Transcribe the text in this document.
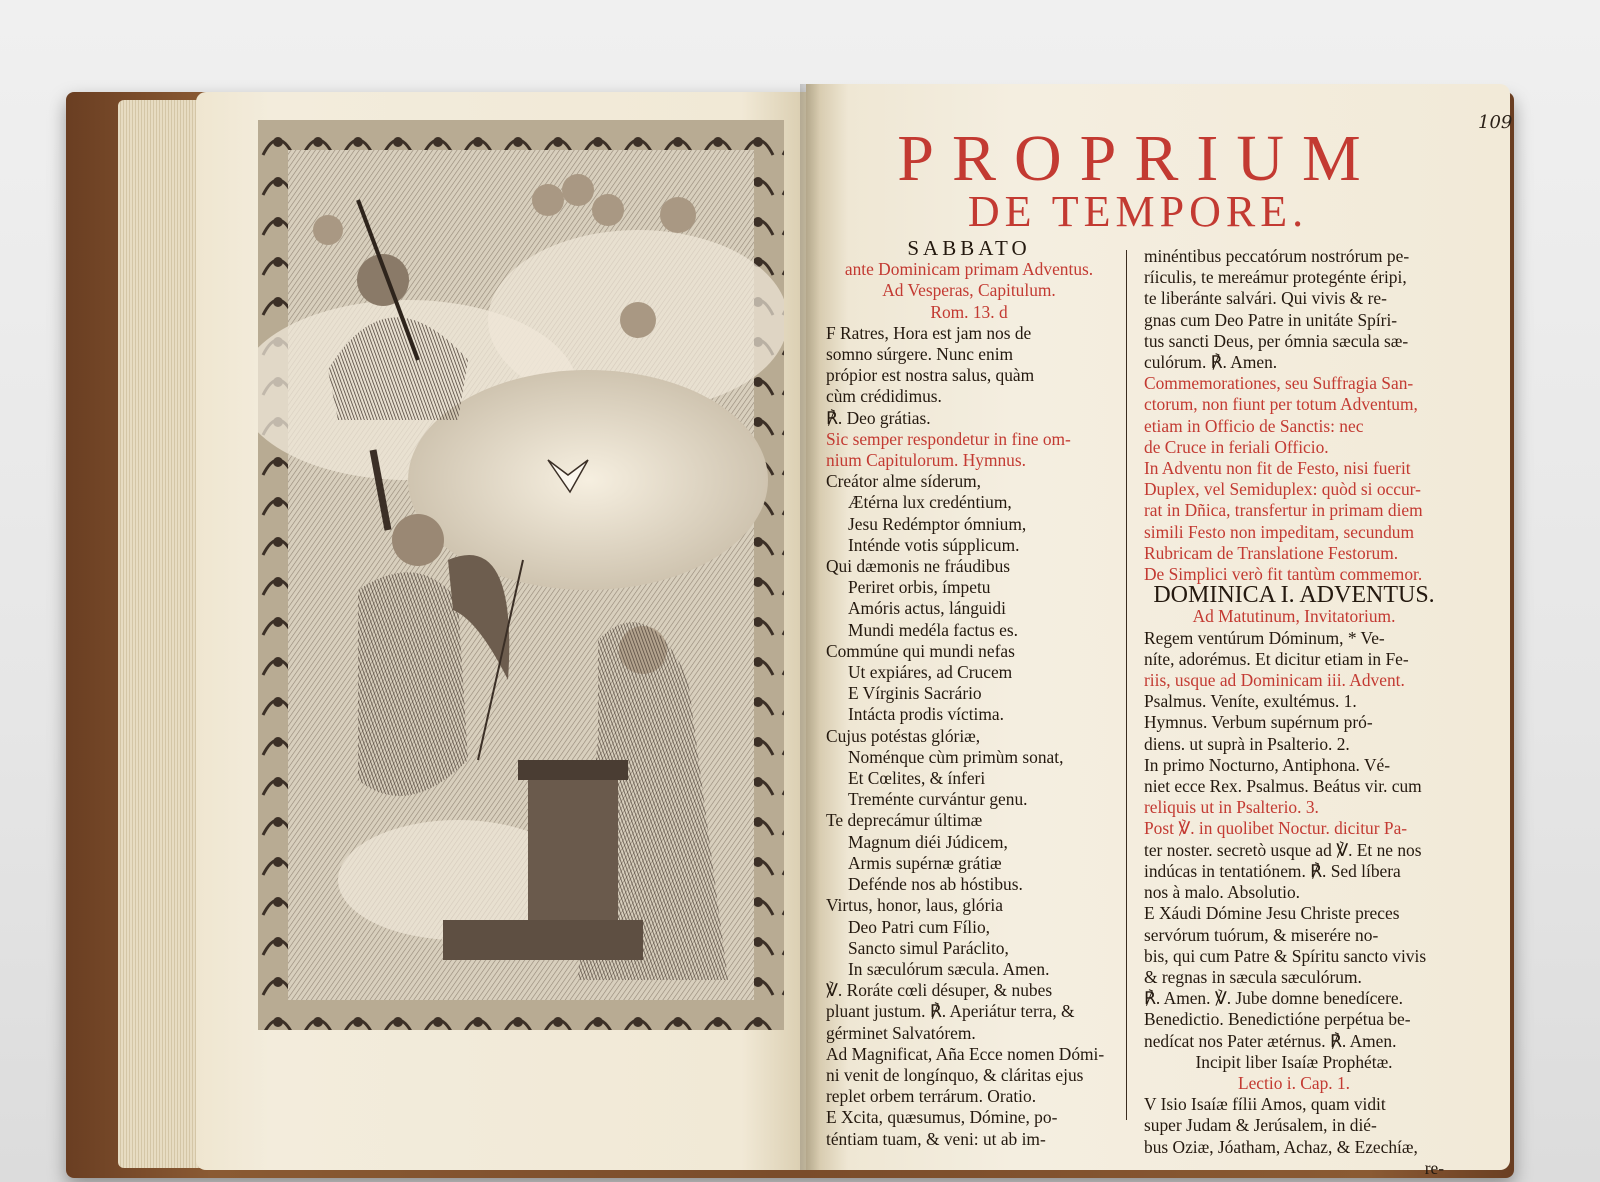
109
PROPRIUM
DE TEMPORE.
SABBATO
ante Dominicam primam Adventus.
Ad Vesperas, Capitulum.
Rom. 13. d
F Ratres, Hora est jam nos de
somno súrgere. Nunc enim
própior est nostra salus, quàm
cùm crédidimus.
℟. Deo grátias.
Sic semper respondetur in fine om-
nium Capitulorum. Hymnus.
Creátor alme síderum,
Ætérna lux credéntium,
Jesu Redémptor ómnium,
Inténde votis súpplicum.
Qui dæmonis ne fráudibus
Periret orbis, ímpetu
Amóris actus, lánguidi
Mundi medéla factus es.
Commúne qui mundi nefas
Ut expiáres, ad Crucem
E Vírginis Sacrário
Intácta prodis víctima.
Cujus potéstas glóriæ,
Noménque cùm primùm sonat,
Et Cœlites, & ínferi
Treménte curvántur genu.
Te deprecámur últimæ
Magnum diéi Júdicem,
Armis supérnæ grátiæ
Defénde nos ab hóstibus.
Virtus, honor, laus, glória
Deo Patri cum Fílio,
Sancto simul Paráclito,
In sæculórum sæcula. Amen.
℣. Roráte cœli désuper, & nubes
pluant justum. ℟. Aperiátur terra, &
gérminet Salvatórem.
Ad Magnificat, Aña Ecce nomen Dómi-
ni venit de longínquo, & cláritas ejus
replet orbem terrárum. Oratio.
E Xcita, quæsumus, Dómine, po-
téntiam tuam, & veni: ut ab im-
minéntibus peccatórum nostrórum pe-
ríiculis, te mereámur protegénte éripi,
te liberánte salvári. Qui vivis & re-
gnas cum Deo Patre in unitáte Spíri-
tus sancti Deus, per ómnia sæcula sæ-
culórum. ℟. Amen.
Commemorationes, seu Suffragia San-
ctorum, non fiunt per totum Adventum,
etiam in Officio de Sanctis: nec
de Cruce in feriali Officio.
In Adventu non fit de Festo, nisi fuerit
Duplex, vel Semiduplex: quòd si occur-
rat in Dñica, transfertur in primam diem
simili Festo non impeditam, secundum
Rubricam de Translatione Festorum.
De Simplici verò fit tantùm commemor.
DOMINICA I. ADVENTUS.
Ad Matutinum, Invitatorium.
Regem ventúrum Dóminum, * Ve-
níte, adorémus. Et dicitur etiam in Fe-
riis, usque ad Dominicam iii. Advent.
Psalmus. Veníte, exultémus. 1.
Hymnus. Verbum supérnum pró-
diens. ut suprà in Psalterio. 2.
In primo Nocturno, Antiphona. Vé-
niet ecce Rex. Psalmus. Beátus vir. cum
reliquis ut in Psalterio. 3.
Post ℣. in quolibet Noctur. dicitur Pa-
ter noster. secretò usque ad ℣. Et ne nos
indúcas in tentatiónem. ℟. Sed líbera
nos à malo. Absolutio.
E Xáudi Dómine Jesu Christe preces
servórum tuórum, & miserére no-
bis, qui cum Patre & Spíritu sancto vivis
& regnas in sæcula sæculórum.
℟. Amen. ℣. Jube domne benedícere.
Benedictio. Benedictióne perpétua be-
nedícat nos Pater ætérnus. ℟. Amen.
Incipit liber Isaíæ Prophétæ.
Lectio i. Cap. 1.
V Isio Isaíæ fílii Amos, quam vidit
super Judam & Jerúsalem, in dié-
bus Oziæ, Jóatham, Achaz, & Ezechíæ,
re-
